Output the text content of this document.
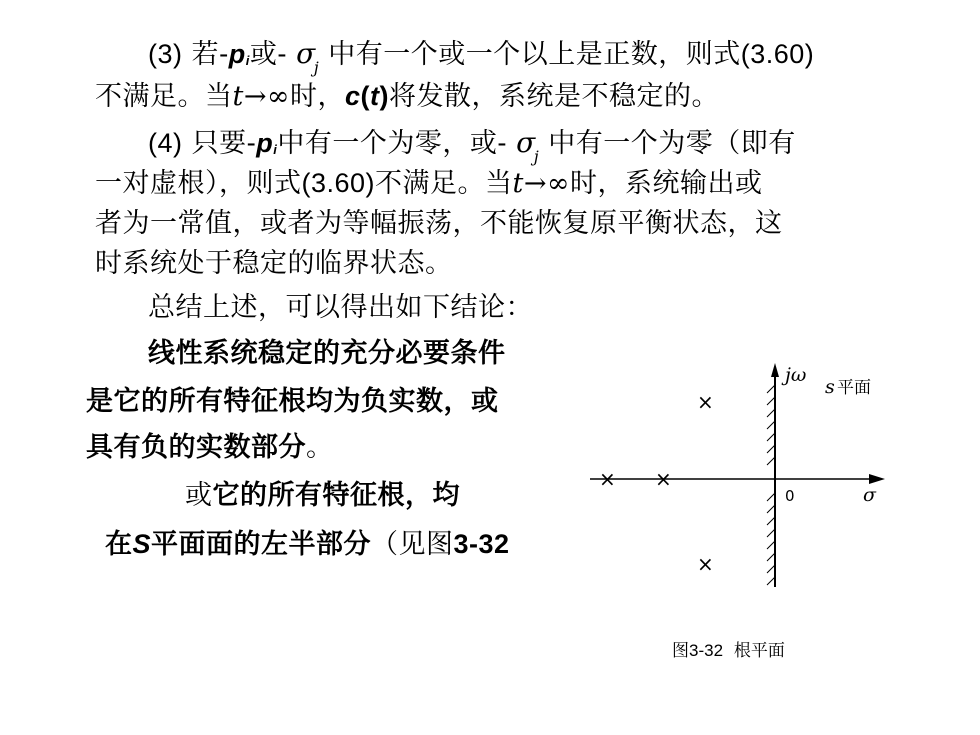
(3) 若-pi或- $\sigma_j$ 中有一个或一个以上是正数，则式(3.60)
不满足。当t→∞时，c(t)将发散，系统是不稳定的。
(4) 只要-pi中有一个为零，或- $\sigma_j$ 中有一个为零（即有
一对虚根），则式(3.60)不满足。当t→∞时，系统输出或
者为一常值，或者为等幅振荡，不能恢复原平衡状态，这
时系统处于稳定的临界状态。
总结上述，可以得出如下结论：
线性系统稳定的充分必要条件
是它的所有特征根均为负实数，或
具有负的实数部分。
或它的所有特征根，均
在S平面面的左半部分（见图3-32
jω
s 平面
0	σ
×
× ×
×
图3-32  根平面
